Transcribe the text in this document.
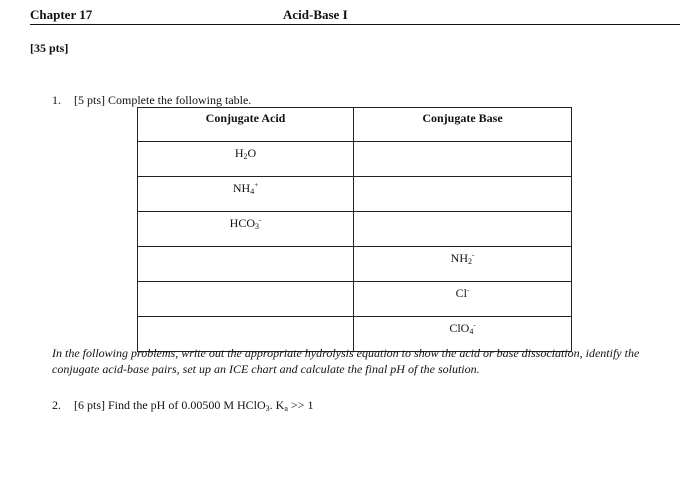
Chapter 17	Acid-Base I
[35 pts]
1. [5 pts] Complete the following table.
Conjugate Acid	Conjugate Base
$H_2O$	
$NH_4^+$	
$HCO_3^-$	
	$NH_2^-$
	Cl-
	ClO$_4$-
In the following problems, write out the appropriate hydrolysis equation to show the acid or base dissociation, identify the conjugate acid-base pairs, set up an ICE chart and calculate the final pH of the solution.
2. [6 pts] Find the pH of 0.00500 M HClO$_3$. $K_a >> 1$
